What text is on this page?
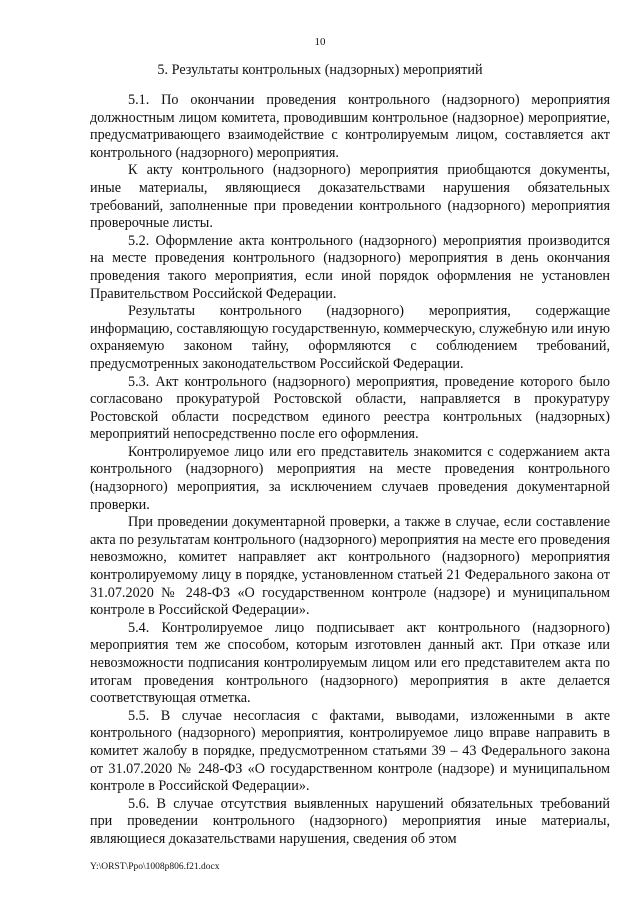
10
5. Результаты контрольных (надзорных) мероприятий

5.1. По окончании проведения контрольного (надзорного) мероприятия должностным лицом комитета, проводившим контрольное (надзорное) мероприятие, предусматривающего взаимодействие с контролируемым лицом, составляется акт контрольного (надзорного) мероприятия.

К акту контрольного (надзорного) мероприятия приобщаются документы, иные материалы, являющиеся доказательствами нарушения обязательных требований, заполненные при проведении контрольного (надзорного) мероприятия проверочные листы.

5.2. Оформление акта контрольного (надзорного) мероприятия производится на месте проведения контрольного (надзорного) мероприятия в день окончания проведения такого мероприятия, если иной порядок оформления не установлен Правительством Российской Федерации.

Результаты контрольного (надзорного) мероприятия, содержащие информацию, составляющую государственную, коммерческую, служебную или иную охраняемую законом тайну, оформляются с соблюдением требований, предусмотренных законодательством Российской Федерации.

5.3. Акт контрольного (надзорного) мероприятия, проведение которого было согласовано прокуратурой Ростовской области, направляется в прокуратуру Ростовской области посредством единого реестра контрольных (надзорных) мероприятий непосредственно после его оформления.

Контролируемое лицо или его представитель знакомится с содержанием акта контрольного (надзорного) мероприятия на месте проведения контрольного (надзорного) мероприятия, за исключением случаев проведения документарной проверки.

При проведении документарной проверки, а также в случае, если составление акта по результатам контрольного (надзорного) мероприятия на месте его проведения невозможно, комитет направляет акт контрольного (надзорного) мероприятия контролируемому лицу в порядке, установленном статьей 21 Федерального закона от 31.07.2020 № 248-ФЗ «О государственном контроле (надзоре) и муниципальном контроле в Российской Федерации».

5.4. Контролируемое лицо подписывает акт контрольного (надзорного) мероприятия тем же способом, которым изготовлен данный акт. При отказе или невозможности подписания контролируемым лицом или его представителем акта по итогам проведения контрольного (надзорного) мероприятия в акте делается соответствующая отметка.

5.5. В случае несогласия с фактами, выводами, изложенными в акте контрольного (надзорного) мероприятия, контролируемое лицо вправе направить в комитет жалобу в порядке, предусмотренном статьями 39 – 43 Федерального закона от 31.07.2020 № 248-ФЗ «О государственном контроле (надзоре) и муниципальном контроле в Российской Федерации».

5.6. В случае отсутствия выявленных нарушений обязательных требований при проведении контрольного (надзорного) мероприятия иные материалы, являющиеся доказательствами нарушения, сведения об этом

Y:\ORST\Ppo\1008p806.f21.docx
